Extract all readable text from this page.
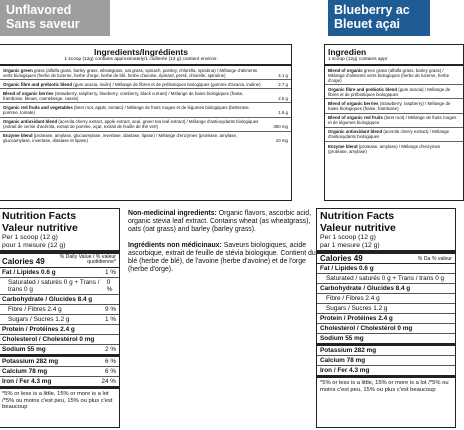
Unflavored
Sans saveur
Blueberry ac
Bleuet açai
Ingredients/Ingrédients
1 scoop (12g) contains approximately/1 cuillerée (12 g) contient environ:
Organic green grass (alfalfa grass, barley grass, wheatgrass, oat grass, spinach, parsley, chlorella, spirulina) / Mélange d'aliments verts biologiques (herbe de luzerne, herbe d'orge, herbe de blé, herbe d'avoine, épinard, persil, chlorelle, spiruline)	4.1 g
Organic fibre and prebiotic blend (gum acacia, inulin) / Mélange de fibres et de prébiotiques biologiques (gomme d'acacia, inuline)	2.7 g
Blend of organic berries (strawberry, raspberry, blueberry, cranberry, black currant) / Mélange de baies biologiques (fraise, framboise, bleuet, canneberge, cassis)	2.5 g
Organic red fruits and vegetables (beet root, apple, tomato) / Mélange de fruits rouges et de légumes biologiques (betterave, pomme, tomate)	1.5 g
Organic antioxidant blend (acerola cherry extract, apple extract, acai, green tea leaf extract) / Mélange d'antioxydants biologiques (extrait de cerise d'acérola, extrait de pomme, açaï, extrait de feuille de thé vert)	350 mg
Enzyme blend (protease, amylase, glucoamylase, invertase, diastase, lipase) / Mélange d'enzymes (protéase, amylase, glucoamylase, invertase, diastase et lipase)	10 mg
Ingredien
1 scoop (12g) contains appr
Blend of organic green grass (alfalfa grass, barley grass) / Mélange d'aliments verts biologiques (herbe de luzerne, herbe d'orge)
Organic fibre and prebiotic blend (gum acacia) / Mélange de fibres et de prébiotiques biologiques
Blend of organic berries (strawberry, raspberry) / Mélange de baies biologiques (fraise, framboise)
Blend of organic red fruits (beet root) / Mélange de fruits rouges et de légumes biologiques
Organic antioxidant blend (acerola cherry extract) / Mélange d'antioxydants biologiques
Enzyme blend (protease, amylase) / Mélange d'enzymes (protéase, amylase)
Nutrition Facts
Valeur nutritive
Per 1 scoop (12 g)
pour 1 mesure (12 g)
Calories 49
% Daily Value / % valeur quotidienne*
Fat / Lipides 0.6 g	1 %
Saturated / saturés 0 g + Trans / trans 0 g
0 %
Carbohydrate / Glucides 8.4 g
Fibre / Fibres 2.4 g	9 %
Sugars / Sucres 1.2 g	1 %
Protein / Protéines 2.4 g
Cholesterol / Cholestérol 0 mg
Sodium 55 mg	2 %
Potassium 282 mg	6 %
Calcium 78 mg	6 %
Iron / Fer 4.3 mg	24 %
*5% or less is a little, 15% or more is a lot /*5% ou moins c'est peu, 15% ou plus c'est beaucoup

Non-medicinal ingredients: Organic flavors, ascorbic acid, organic stevia leaf extract. Contains wheat (as wheatgrass), oats (oat grass) and barley (barley grass).

Ingrédients non médicinaux: Saveurs biologiques, acide ascorbique, extrait de feuille de stévia biologique. Contient du blé (herbe de blé), de l'avoine (herbe d'avoine) et de l'orge (herbe d'orge).

Nutrition Facts
Valeur nutritive
Per 1 scoop (12 g)
par 1 mesure (12 g)
Calories 49	% Da % valeur
Fat / Lipides 0.6 g
Saturated / saturés 0 g + Trans / trans 0 g
Carbohydrate / Glucides 8.4 g
Fibre / Fibres 2.4 g
Sugars / Sucres 1.2 g
Protein / Protéines 2.4 g
Cholesterol / Cholestérol 0 mg
Sodium 55 mg
Potassium 282 mg
Calcium 78 mg
Iron / Fer 4.3 mg
*5% or less is a little, 15% or more is a lot /*5% ou moins c'est peu, 15% ou plus c'est beaucoup
